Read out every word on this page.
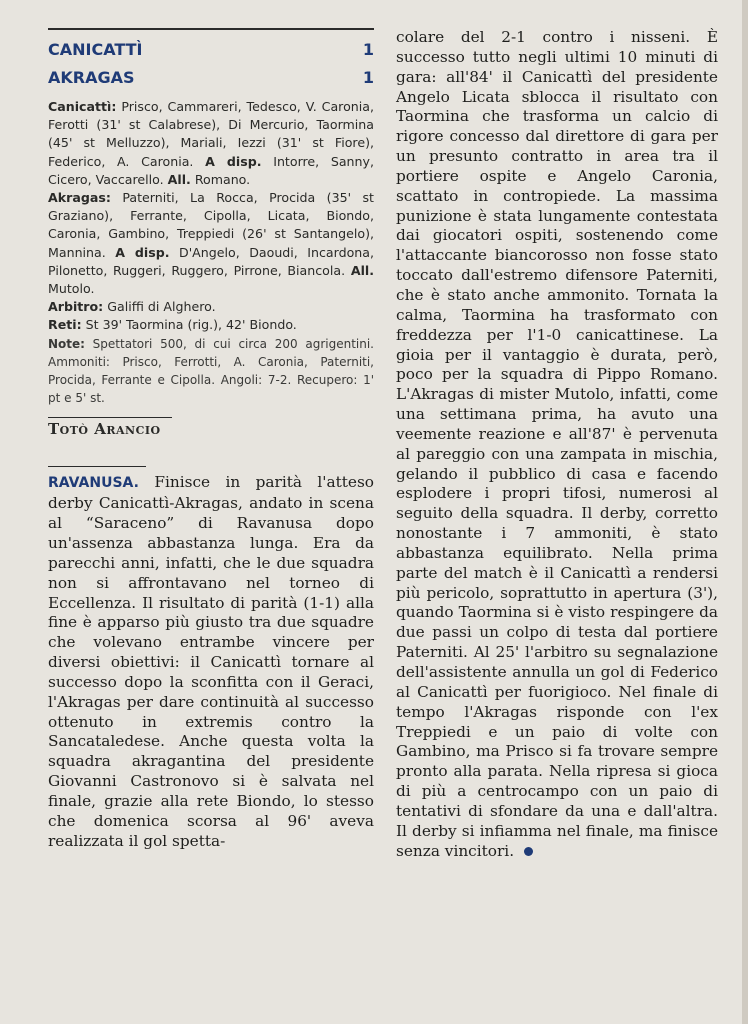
CANICATTÌ	1
AKRAGAS	1

Canicattì: Prisco, Cammareri, Tedesco, V. Caronia, Ferotti (31' st Calabrese), Di Mercurio, Taormina (45' st Melluzzo), Mariali, Iezzi (31' st Fiore), Federico, A. Caronia. A disp. Intorre, Sanny, Cicero, Vaccarello. All. Romano.

Akragas: Paterniti, La Rocca, Procida (35' st Graziano), Ferrante, Cipolla, Licata, Biondo, Caronia, Gambino, Treppiedi (26' st Santangelo), Mannina. A disp. D'Angelo, Daoudi, Incardona, Pilonetto, Ruggeri, Ruggero, Pirrone, Biancola. All. Mutolo.

Arbitro: Galiffi di Alghero.

Reti: St 39' Taormina (rig.), 42' Biondo.

Note: Spettatori 500, di cui circa 200 agrigentini. Ammoniti: Prisco, Ferrotti, A. Caronia, Paterniti, Procida, Ferrante e Cipolla. Angoli: 7-2. Recupero: 1' pt e 5' st.

Totò Arancio

RAVANUSA. Finisce in parità l'atteso derby Canicattì-Akragas, andato in scena al “Saraceno” di Ravanusa dopo un'assenza abbastanza lunga. Era da parecchi anni, infatti, che le due squadra non si affrontavano nel torneo di Eccellenza. Il risultato di parità (1-1) alla fine è apparso più giusto tra due squadre che volevano entrambe vincere per diversi obiettivi: il Canicattì tornare al successo dopo la sconfitta con il Geraci, l'Akragas per dare continuità al successo ottenuto in extremis contro la Sancataledese. Anche questa volta la squadra akragantina del presidente Giovanni Castronovo si è salvata nel finale, grazie alla rete Biondo, lo stesso che domenica scorsa al 96' aveva realizzata il gol spetta-

colare del 2-1 contro i nisseni. È successo tutto negli ultimi 10 minuti di gara: all'84' il Canicattì del presidente Angelo Licata sblocca il risultato con Taormina che trasforma un calcio di rigore concesso dal direttore di gara per un presunto contratto in area tra il portiere ospite e Angelo Caronia, scattato in contropiede. La massima punizione è stata lungamente contestata dai giocatori ospiti, sostenendo come l'attaccante biancorosso non fosse stato toccato dall'estremo difensore Paterniti, che è stato anche ammonito. Tornata la calma, Taormina ha trasformato con freddezza per l'1-0 canicattinese. La gioia per il vantaggio è durata, però, poco per la squadra di Pippo Romano. L'Akragas di mister Mutolo, infatti, come una settimana prima, ha avuto una veemente reazione e all'87' è pervenuta al pareggio con una zampata in mischia, gelando il pubblico di casa e facendo esplodere i propri tifosi, numerosi al seguito della squadra. Il derby, corretto nonostante i 7 ammoniti, è stato abbastanza equilibrato. Nella prima parte del match è il Canicattì a rendersi più pericolo, soprattutto in apertura (3'), quando Taormina si è visto respingere da due passi un colpo di testa dal portiere Paterniti. Al 25' l'arbitro su segnalazione dell'assistente annulla un gol di Federico al Canicattì per fuorigioco. Nel finale di tempo l'Akragas risponde con l'ex Treppiedi e un paio di volte con Gambino, ma Prisco si fa trovare sempre pronto alla parata. Nella ripresa si gioca di più a centrocampo con un paio di tentativi di sfondare da una e dall'altra. Il derby si infiamma nel finale, ma finisce senza vincitori.
